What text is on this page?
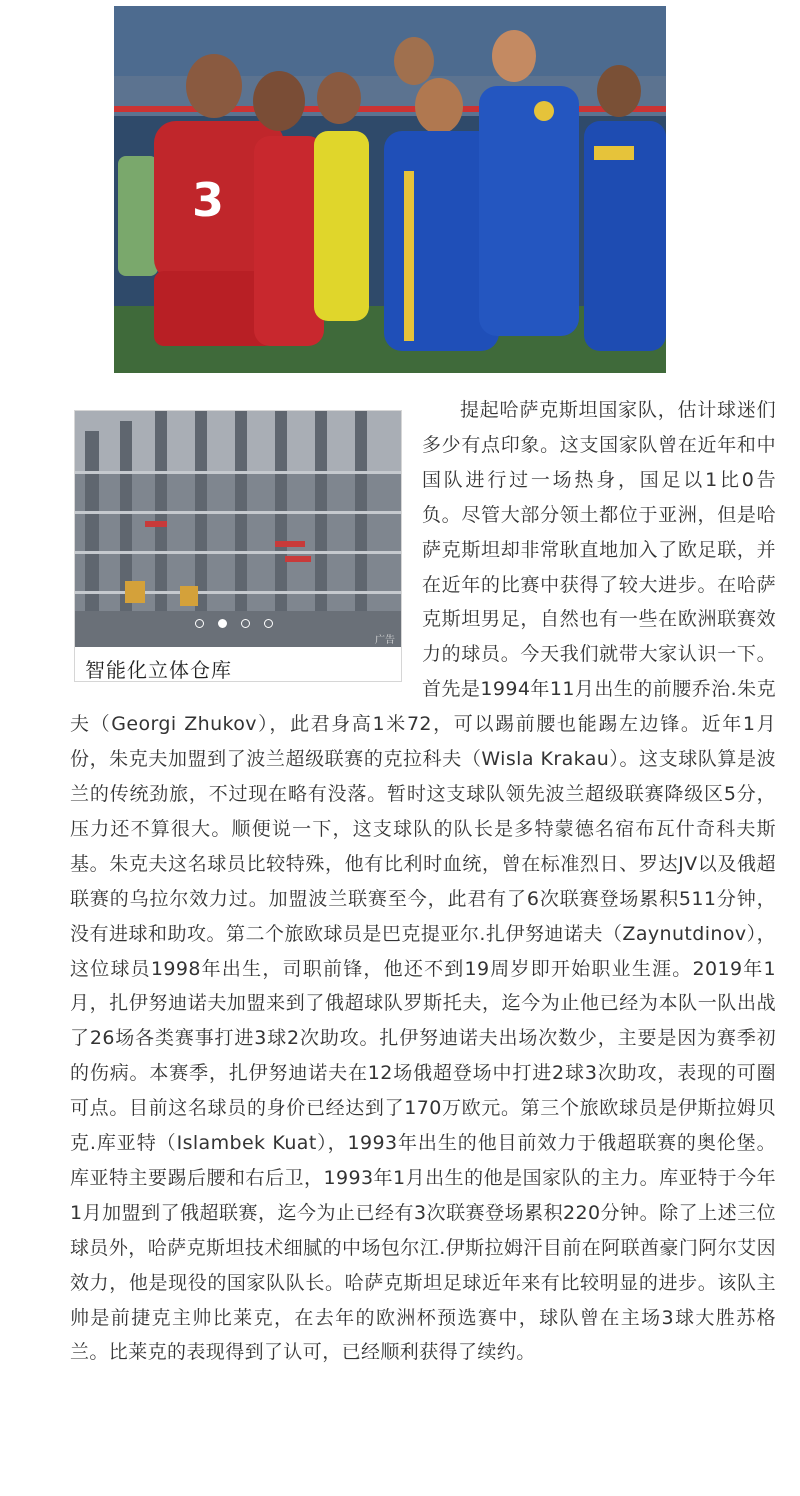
3
广告
智能化立体仓库

提起哈萨克斯坦国家队，估计球迷们多少有点印象。这支国家队曾在近年和中国队进行过一场热身，国足以1比0告负。尽管大部分领土都位于亚洲，但是哈萨克斯坦却非常耿直地加入了欧足联，并在近年的比赛中获得了较大进步。在哈萨克斯坦男足，自然也有一些在欧洲联赛效力的球员。今天我们就带大家认识一下。首先是1994年11月出生的前腰乔治.朱克夫（Georgi Zhukov），此君身高1米72，可以踢前腰也能踢左边锋。近年1月份，朱克夫加盟到了波兰超级联赛的克拉科夫（Wisla Krakau）。这支球队算是波兰的传统劲旅，不过现在略有没落。暂时这支球队领先波兰超级联赛降级区5分，压力还不算很大。顺便说一下，这支球队的队长是多特蒙德名宿布瓦什奇科夫斯基。朱克夫这名球员比较特殊，他有比利时血统，曾在标准烈日、罗达JV以及俄超联赛的乌拉尔效力过。加盟波兰联赛至今，此君有了6次联赛登场累积511分钟，没有进球和助攻。第二个旅欧球员是巴克提亚尔.扎伊努迪诺夫（Zaynutdinov），这位球员1998年出生，司职前锋，他还不到19周岁即开始职业生涯。2019年1月，扎伊努迪诺夫加盟来到了俄超球队罗斯托夫，迄今为止他已经为本队一队出战了26场各类赛事打进3球2次助攻。扎伊努迪诺夫出场次数少，主要是因为赛季初的伤病。本赛季，扎伊努迪诺夫在12场俄超登场中打进2球3次助攻，表现的可圈可点。目前这名球员的身价已经达到了170万欧元。第三个旅欧球员是伊斯拉姆贝克.库亚特（Islambek Kuat），1993年出生的他目前效力于俄超联赛的奥伦堡。库亚特主要踢后腰和右后卫，1993年1月出生的他是国家队的主力。库亚特于今年1月加盟到了俄超联赛，迄今为止已经有3次联赛登场累积220分钟。除了上述三位球员外，哈萨克斯坦技术细腻的中场包尔江.伊斯拉姆汗目前在阿联酋豪门阿尔艾因效力，他是现役的国家队队长。哈萨克斯坦足球近年来有比较明显的进步。该队主帅是前捷克主帅比莱克，在去年的欧洲杯预选赛中，球队曾在主场3球大胜苏格兰。比莱克的表现得到了认可，已经顺利获得了续约。
